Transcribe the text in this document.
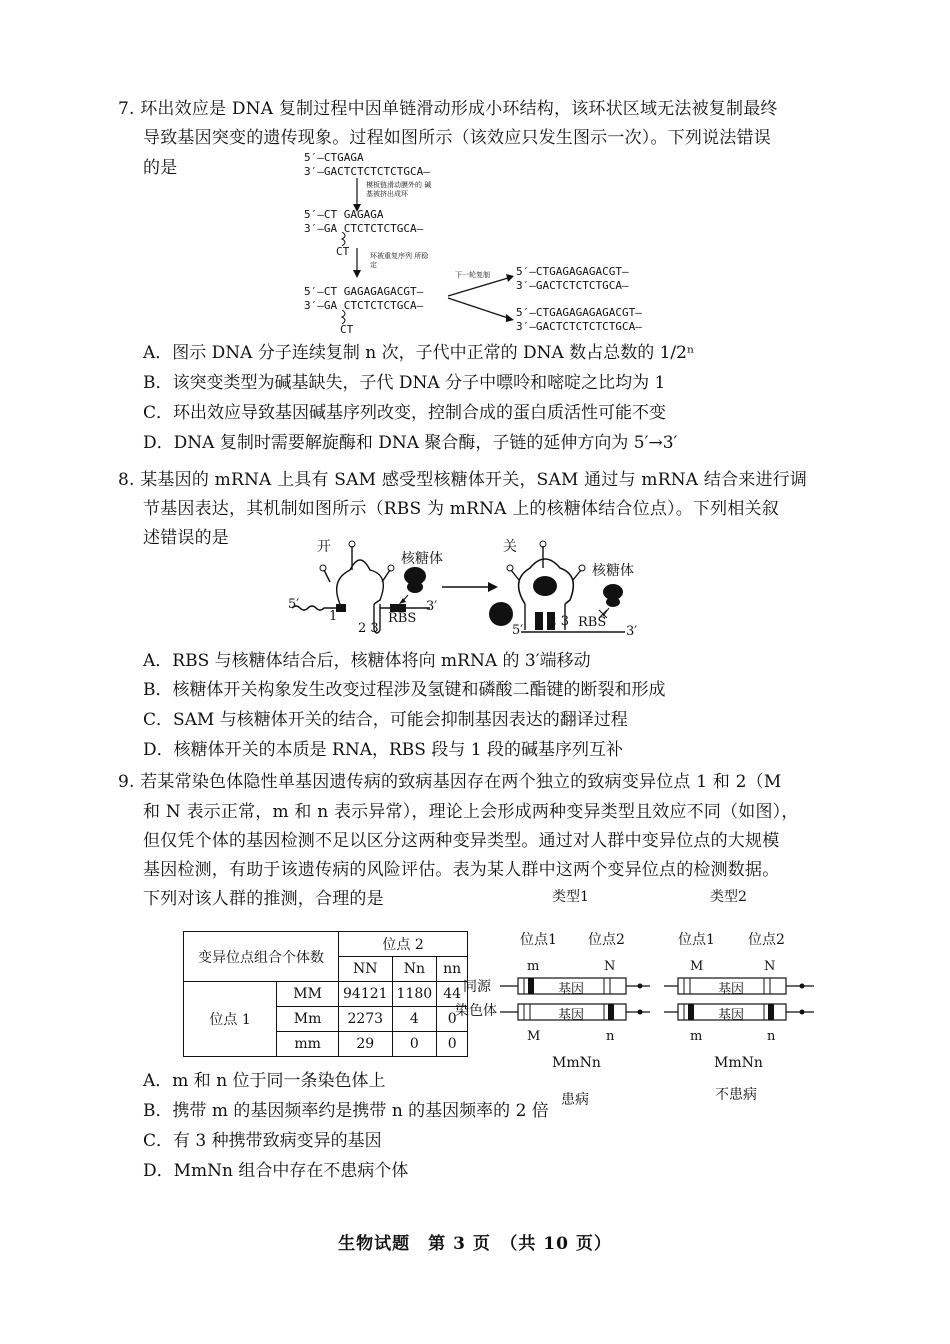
7. 环出效应是 DNA 复制过程中因单链滑动形成小环结构，该环状区域无法被复制最终
导致基因突变的遗传现象。过程如图所示（该效应只发生图示一次）。下列说法错误
的是
5′—CTGAGA
3′—GACTCTCTCTCTGCA—
模板链滑动膜外的 碱基被挤出成环
5′—CT GAGAGA
3′—GA CTCTCTCTGCA—
CT	环被重复序列 所稳定
5′—CT GAGAGAGACGT—
3′—GA CTCTCTCTGCA—
CT
下一轮复制 5′—CTGAGAGAGACGT—
3′—GACTCTCTCTGCA—
5′—CTGAGAGAGAGACGT—
3′—GACTCTCTCTCTGCA—
A．图示 DNA 分子连续复制 n 次，子代中正常的 DNA 数占总数的 1/2ⁿ
B．该突变类型为碱基缺失，子代 DNA 分子中嘌呤和嘧啶之比均为 1
C．环出效应导致基因碱基序列改变，控制合成的蛋白质活性可能不变
D．DNA 复制时需要解旋酶和 DNA 聚合酶，子链的延伸方向为 5′→3′
8. 某基因的 mRNA 上具有 SAM 感受型核糖体开关，SAM 通过与 mRNA 结合来进行调
节基因表达，其机制如图所示（RBS 为 mRNA 上的核糖体结合位点）。下列相关叙
述错误的是	开	关
核糖体
核糖体
5′	3′
1
2 3
RBS
5′	3′
1 2 3 RBS
A．RBS 与核糖体结合后，核糖体将向 mRNA 的 3′端移动
B．核糖体开关构象发生改变过程涉及氢键和磷酸二酯键的断裂和形成
C．SAM 与核糖体开关的结合，可能会抑制基因表达的翻译过程
D．核糖体开关的本质是 RNA，RBS 段与 1 段的碱基序列互补
9. 若某常染色体隐性单基因遗传病的致病基因存在两个独立的致病变异位点 1 和 2（M
和 N 表示正常，m 和 n 表示异常），理论上会形成两种变异类型且效应不同（如图），
但仅凭个体的基因检测不足以区分这两种变异类型。通过对人群中变异位点的大规模
基因检测，有助于该遗传病的风险评估。表为某人群中这两个变异位点的检测数据。
下列对该人群的推测，合理的是
变异位点组合个体数		位点 2		
		NN	Nn	nn
位点 1	MM	94121	1180	44
	Mm	2273	4	0
	mm	29	0	0
类型1	类型2
位点1 位点2	位点1 位点2
同源
染色体
m	N
M	n
M	N
m	n
基因
基因
基因
基因
MmNn	MmNn
患病	不患病
A．m 和 n 位于同一条染色体上
B．携带 m 的基因频率约是携带 n 的基因频率的 2 倍
C．有 3 种携带致病变异的基因
D．MmNn 组合中存在不患病个体
生物试题　第 3 页　（共 10 页）
